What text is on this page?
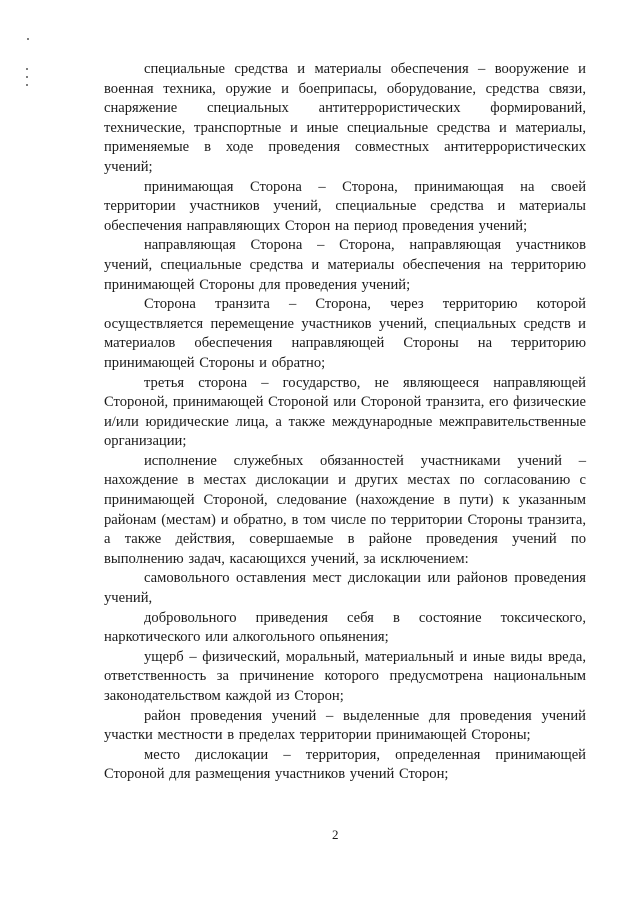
специальные средства и материалы обеспечения – вооружение и военная техника, оружие и боеприпасы, оборудование, средства связи, снаряжение специальных антитеррористических формирований, технические, транспортные и иные специальные средства и материалы, применяемые в ходе проведения совместных антитеррористических учений;

принимающая Сторона – Сторона, принимающая на своей территории участников учений, специальные средства и материалы обеспечения направляющих Сторон на период проведения учений;

направляющая Сторона – Сторона, направляющая участников учений, специальные средства и материалы обеспечения на территорию принимающей Стороны для проведения учений;

Сторона транзита – Сторона, через территорию которой осуществляется перемещение участников учений, специальных средств и материалов обеспечения направляющей Стороны на территорию принимающей Стороны и обратно;

третья сторона – государство, не являющееся направляющей Стороной, принимающей Стороной или Стороной транзита, его физические и/или юридические лица, а также международные межправительственные организации;

исполнение служебных обязанностей участниками учений – нахождение в местах дислокации и других местах по согласованию с принимающей Стороной, следование (нахождение в пути) к указанным районам (местам) и обратно, в том числе по территории Стороны транзита, а также действия, совершаемые в районе проведения учений по выполнению задач, касающихся учений, за исключением:

самовольного оставления мест дислокации или районов проведения учений,

добровольного приведения себя в состояние токсического, наркотического или алкогольного опьянения;

ущерб – физический, моральный, материальный и иные виды вреда, ответственность за причинение которого предусмотрена национальным законодательством каждой из Сторон;

район проведения учений – выделенные для проведения учений участки местности в пределах территории принимающей Стороны;

место дислокации – территория, определенная принимающей Стороной для размещения участников учений Сторон;

2
